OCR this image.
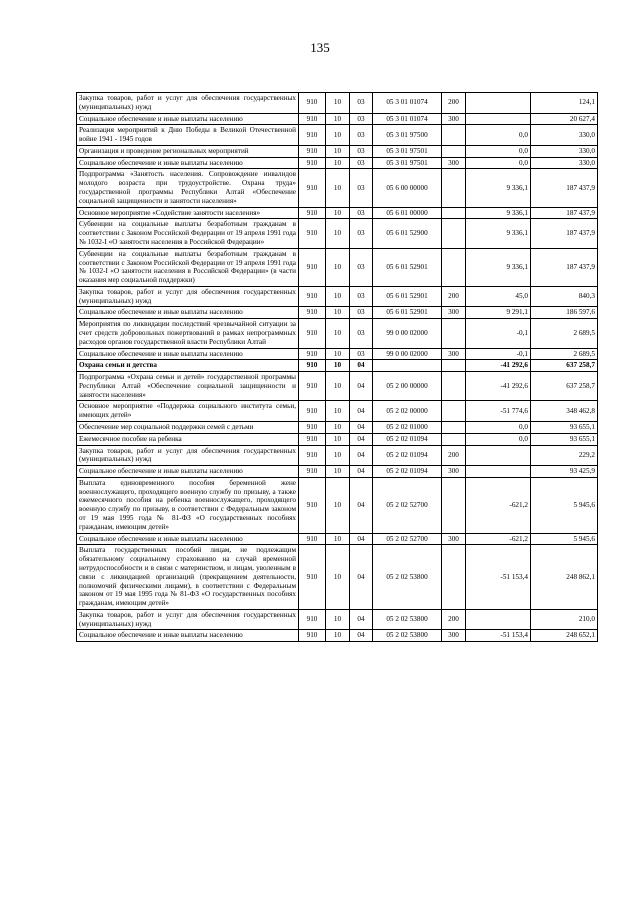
135
Закупка товаров, работ и услуг для обеспечения государственных (муниципальных) нужд	910	10	03	05 3 01 01074	200		124,1
Социальное обеспечение и иные выплаты населению	910	10	03	05 3 01 01074	300		20 627,4
Реализация мероприятий к Дню Победы в Великой Отечественной войне 1941 - 1945 годов	910	10	03	05 3 01 97500		0,0	330,0
Организация и проведение региональных мероприятий	910	10	03	05 3 01 97501		0,0	330,0
Социальное обеспечение и иные выплаты населению	910	10	03	05 3 01 97501	300	0,0	330,0
Подпрограмма «Занятость населения. Сопровождение инвалидов молодого возраста при трудоустройстве. Охрана труда» государственной программы Республики Алтай «Обеспечение социальной защищенности и занятости населения»	910	10	03	05 6 00 00000		9 336,1	187 437,9
Основное мероприятие «Содействие занятости населения»	910	10	03	05 6 01 00000		9 336,1	187 437,9
Субвенции на социальные выплаты безработным гражданам в соответствии с Законом Российской Федерации от 19 апреля 1991 года № 1032-I «О занятости населения в Российской Федерации»	910	10	03	05 6 01 52900		9 336,1	187 437,9
Субвенции на социальные выплаты безработным гражданам в соответствии с Законом Российской Федерации от 19 апреля 1991 года № 1032-I «О занятости населения в Российской Федерации» (в части оказания мер социальной поддержки)	910	10	03	05 6 01 52901		9 336,1	187 437,9
Закупка товаров, работ и услуг для обеспечения государственных (муниципальных) нужд	910	10	03	05 6 01 52901	200	45,0	840,3
Социальное обеспечение и иные выплаты населению	910	10	03	05 6 01 52901	300	9 291,1	186 597,6
Мероприятия по ликвидации последствий чрезвычайной ситуации за счет средств добровольных пожертвований в рамках непрограммных расходов органов государственной власти Республики Алтай	910	10	03	99 0 00 02000		-0,1	2 689,5
Социальное обеспечение и иные выплаты населению	910	10	03	99 0 00 02000	300	-0,1	2 689,5
Охрана семьи и детства	910	10	04			-41 292,6	637 258,7
Подпрограмма «Охрана семьи и детей» государственной программы Республики Алтай «Обеспечение социальной защищенности и занятости населения»	910	10	04	05 2 00 00000		-41 292,6	637 258,7
Основное мероприятие «Поддержка социального института семьи, имеющих детей»	910	10	04	05 2 02 00000		-51 774,6	348 462,8
Обеспечение мер социальной поддержки семей с детьми	910	10	04	05 2 02 01000		0,0	93 655,1
Ежемесячное пособие на ребенка	910	10	04	05 2 02 01094		0,0	93 655,1
Закупка товаров, работ и услуг для обеспечения государственных (муниципальных) нужд	910	10	04	05 2 02 01094	200		229,2
Социальное обеспечение и иные выплаты населению	910	10	04	05 2 02 01094	300		93 425,9
Выплата единовременного пособия беременной жене военнослужащего, проходящего военную службу по призыву, а также ежемесячного пособия на ребенка военнослужащего, проходящего военную службу по призыву, в соответствии с Федеральным законом от 19 мая 1995 года № 81-ФЗ «О государственных пособиях гражданам, имеющим детей»	910	10	04	05 2 02 52700		-621,2	5 945,6
Социальное обеспечение и иные выплаты населению	910	10	04	05 2 02 52700	300	-621,2	5 945,6
Выплата государственных пособий лицам, не подлежащим обязательному социальному страхованию на случай временной нетрудоспособности и в связи с материнством, и лицам, уволенным в связи с ликвидацией организаций (прекращением деятельности, полномочий физическими лицами), в соответствии с Федеральным законом от 19 мая 1995 года № 81-ФЗ «О государственных пособиях гражданам, имеющим детей»	910	10	04	05 2 02 53800		-51 153,4	248 862,1
Закупка товаров, работ и услуг для обеспечения государственных (муниципальных) нужд	910	10	04	05 2 02 53800	200		210,0
Социальное обеспечение и иные выплаты населению	910	10	04	05 2 02 53800	300	-51 153,4	248 652,1
